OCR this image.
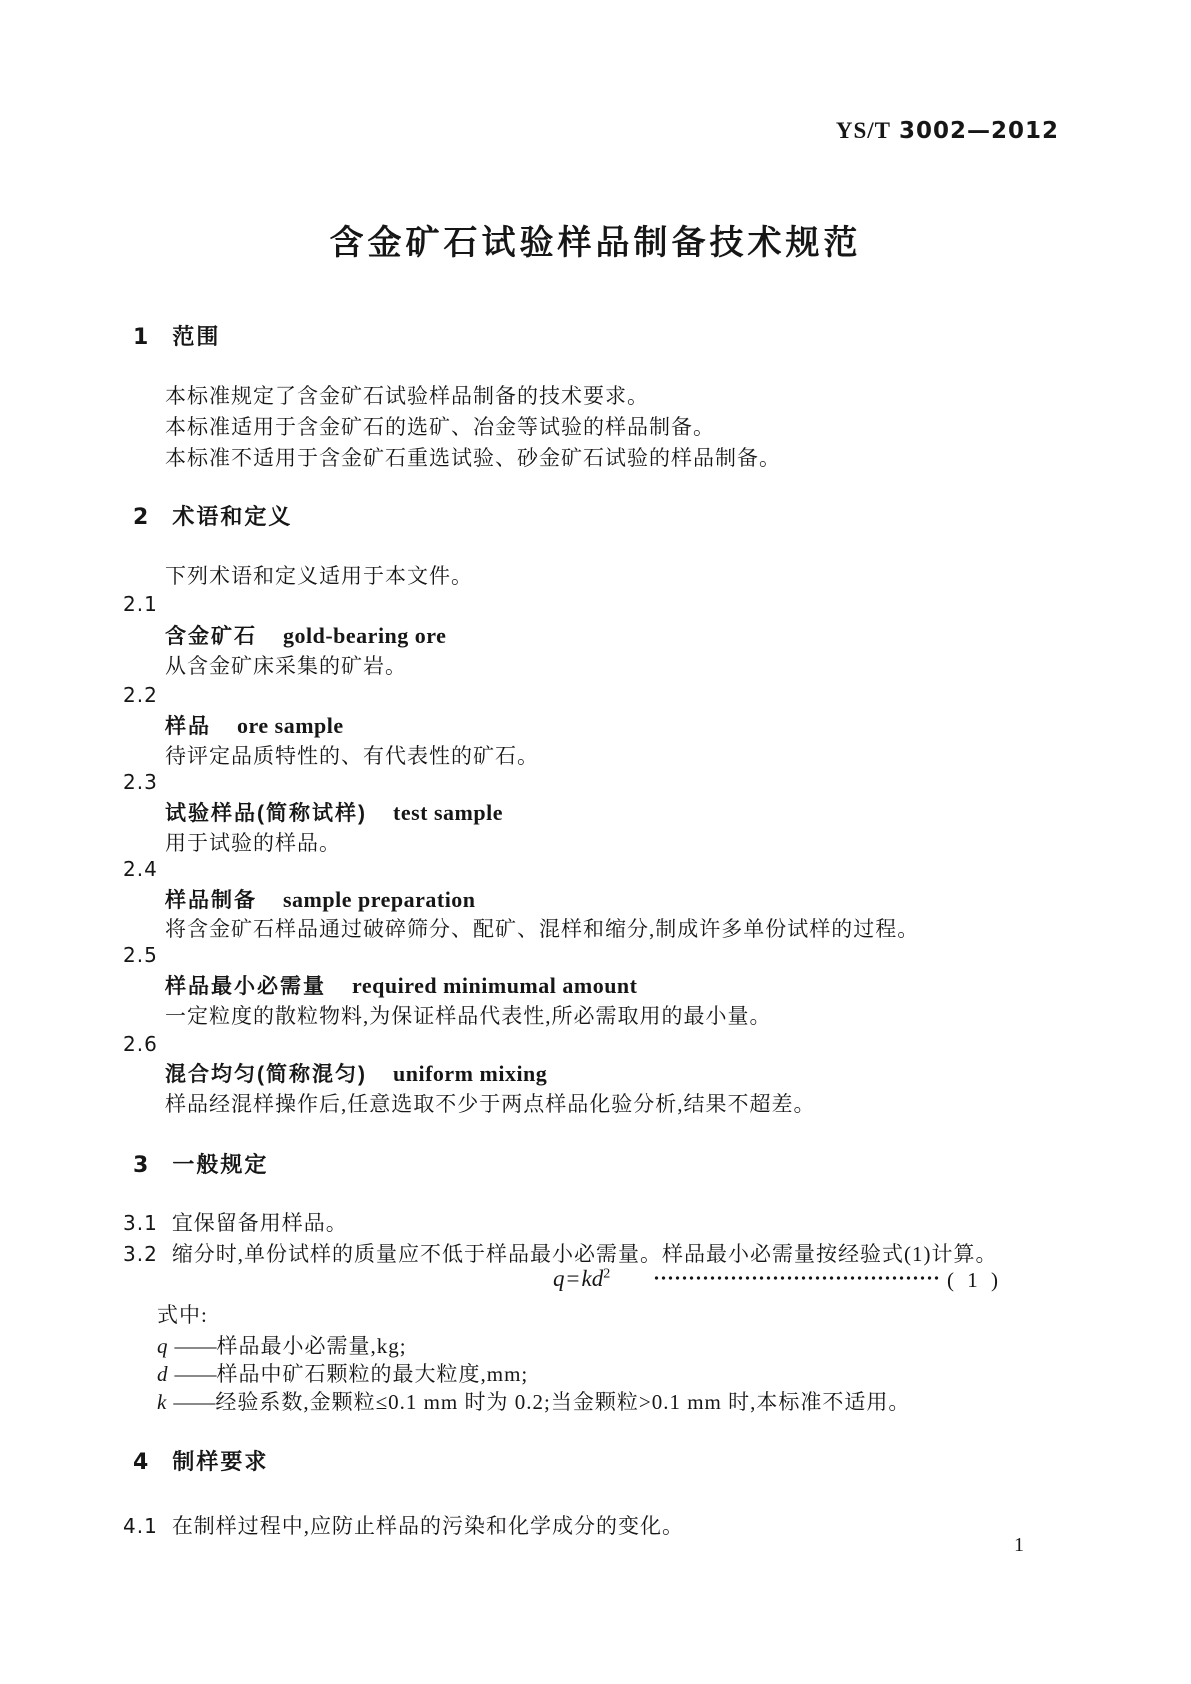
YS/T 3002—2012
含金矿石试验样品制备技术规范
1 范围
本标准规定了含金矿石试验样品制备的技术要求。
本标准适用于含金矿石的选矿、冶金等试验的样品制备。
本标准不适用于含金矿石重选试验、砂金矿石试验的样品制备。
2 术语和定义
下列术语和定义适用于本文件。
2.1
含金矿石 gold-bearing ore
从含金矿床采集的矿岩。
2.2
样品 ore sample
待评定品质特性的、有代表性的矿石。
2.3
试验样品(简称试样) test sample
用于试验的样品。
2.4
样品制备 sample preparation
将含金矿石样品通过破碎筛分、配矿、混样和缩分,制成许多单份试样的过程。
2.5
样品最小必需量 required minimumal amount
一定粒度的散粒物料,为保证样品代表性,所必需取用的最小量。
2.6
混合均匀(简称混匀) uniform mixing
样品经混样操作后,任意选取不少于两点样品化验分析,结果不超差。
3 一般规定
3.1 宜保留备用样品。
3.2 缩分时,单份试样的质量应不低于样品最小必需量。样品最小必需量按经验式(1)计算。
$q=kd^2$	( 1 )
式中:
q ——样品最小必需量,kg;
d ——样品中矿石颗粒的最大粒度,mm;
k ——经验系数,金颗粒≤0.1 mm 时为 0.2;当金颗粒>0.1 mm 时,本标准不适用。
4 制样要求
4.1 在制样过程中,应防止样品的污染和化学成分的变化。
1
